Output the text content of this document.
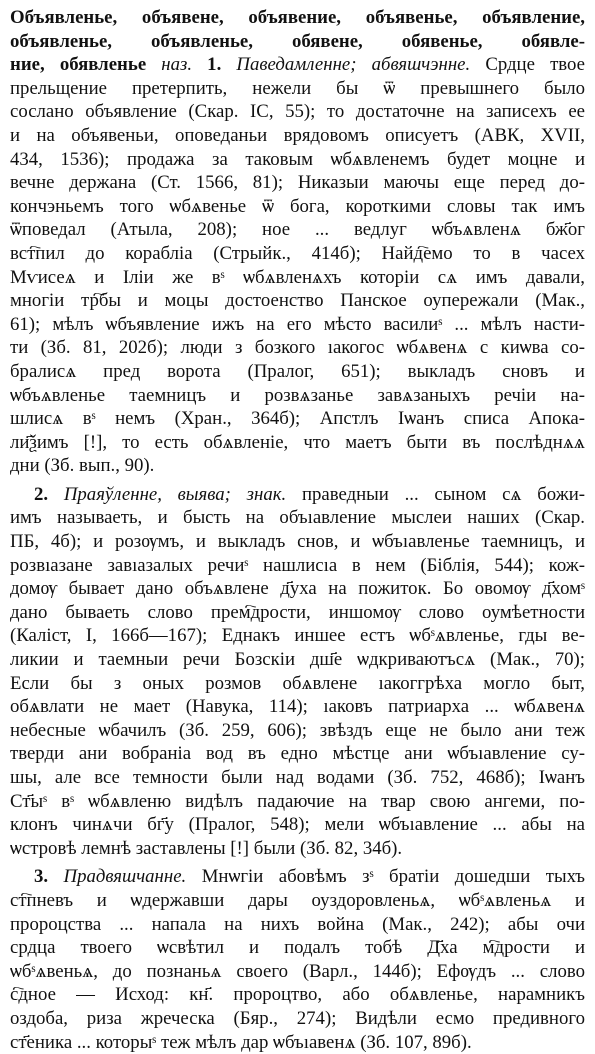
Объявленье, объявене, объявение, объявенье, объявление,
объявленье, объявленье, обявене, обявенье, обявле-
ние, обявленье наз. 1. Паведамленне; абвяшчэнне. Срдце твое
прельщение претерпить, нежели бы ѿ превышнего было
сослано объявление (Скар. ІС, 55); то достаточне на записехъ ее
и на объявеньи, оповеданьи врядовомъ описуетъ (АВК, XVII,
434, 1536); продажа за таковым ѡбѧвленемъ будет моцне и
вечне держана (Ст. 1566, 81); Никазыи маючы еще перед до-
кончэньемъ того ѡбѧвенье ѿ бога, короткими словы так имъ
ѿповедал (Атыла, 208); ное ... ведлуг ѡбъѧвленѧ бж҃ог
вст҇пил до корабліа (Стрыйк., 414б); Найд҇емо то в часех
Мѵисеѧ и Іліи же вˢ ѡбѧвленѧхъ которіи сѧ имъ давали,
многіи тр҇бы и моцы достоенство Панское оуперeжали (Мак.,
61); мѣлъ ѡбъявление ижъ на его мѣсто василиˢ ... мѣлъ насти-
ти (Зб. 81, 202б); люди з бозкого ıакогос ѡбѧвенѧ с киѡва со-
бралисѧ пред ворота (Пралог, 651); выкладъ сновъ и
ѡбъѧвленье таемницъ и розвѧзанье завѧзаныхъ речіи на-
шлисѧ вˢ немъ (Хран., 364б); Апстлъ Іѡанъ списа Апока-
ли҃ѯимъ [!], то есть обѧвленіе, что маетъ быти въ послѣднѧѧ
дни (Зб. вып., 90).
2. Праяўленне, выява; знак. праведныи ... сыном сѧ божи-
имъ называеть, и бысть на объıавление мыслеи наших (Скар.
ПБ, 4б); и розѹмъ, и выкладъ снов, и ѡбъıавленье таемницъ, и
розвıазане завıазалых речиˢ нашлисıа в нем (Біблія, 544); кож-
домѹ бывает дано объѧвлене д҃уха на пожиток. Бо овомѹ д҃хомˢ
дано бываеть слово прем҇дрости, иншомѹ слово оумѣетности
(Каліст, І, 166б—167); Еднакъ иншее естъ ѡбˢѧвленье, гды ве-
ликии и таемныи речи Бозскіи дш҃е ѡдкриваютъсѧ (Мак., 70);
Если бы з оных розмов обѧвлене ıакоггрѣха могло быт,
обѧвлати не мает (Навука, 114); ıаковъ патриарха ... ѡбѧвенѧ
небесные ѡбачилъ (Зб. 259, 606); звѣздъ еще не было ани теж
тверди ани вобраніа вод въ едно мѣстце ани ѡбъıавление су-
шы, але все темности были над водами (Зб. 752, 468б); Іѡанъ
Ст҃ыˢ вˢ ѡбѧвленю видѣлъ падаючие на твар свою ангеми, по-
клонъ чинѧчи бг҃у (Пралог, 548); мели ѡбъıавление ... абы на
ѡстровѣ лемнѣ заставлены [!] были (Зб. 82, 34б).
3. Прадвяшчанне. Мнѡгіи абовѣмъ зˢ братіи дошедши тыхъ
ст҇пневъ и ѡдержавши дары оуздоровленьѧ, ѡбˢѧвленьѧ и
пророцства ... напала на нихъ война (Мак., 242); абы очи
срдца твоего ѡсвѣтил и подалъ тобѣ Д҃ха м҇дрости и
ѡбˢѧвеньѧ, до познаньѧ своего (Варл., 144б); Ефѹдъ ... слово
с҇дное — Исход: кн҃. пророцтво, або обѧвленье, нарамникъ
оздоба, риза жреческа (Бяр., 274); Видѣли есмо предивного
ст҃еника ... которыˢ теж мѣлъ дар ѡбъıавенѧ (Зб. 107, 89б).
